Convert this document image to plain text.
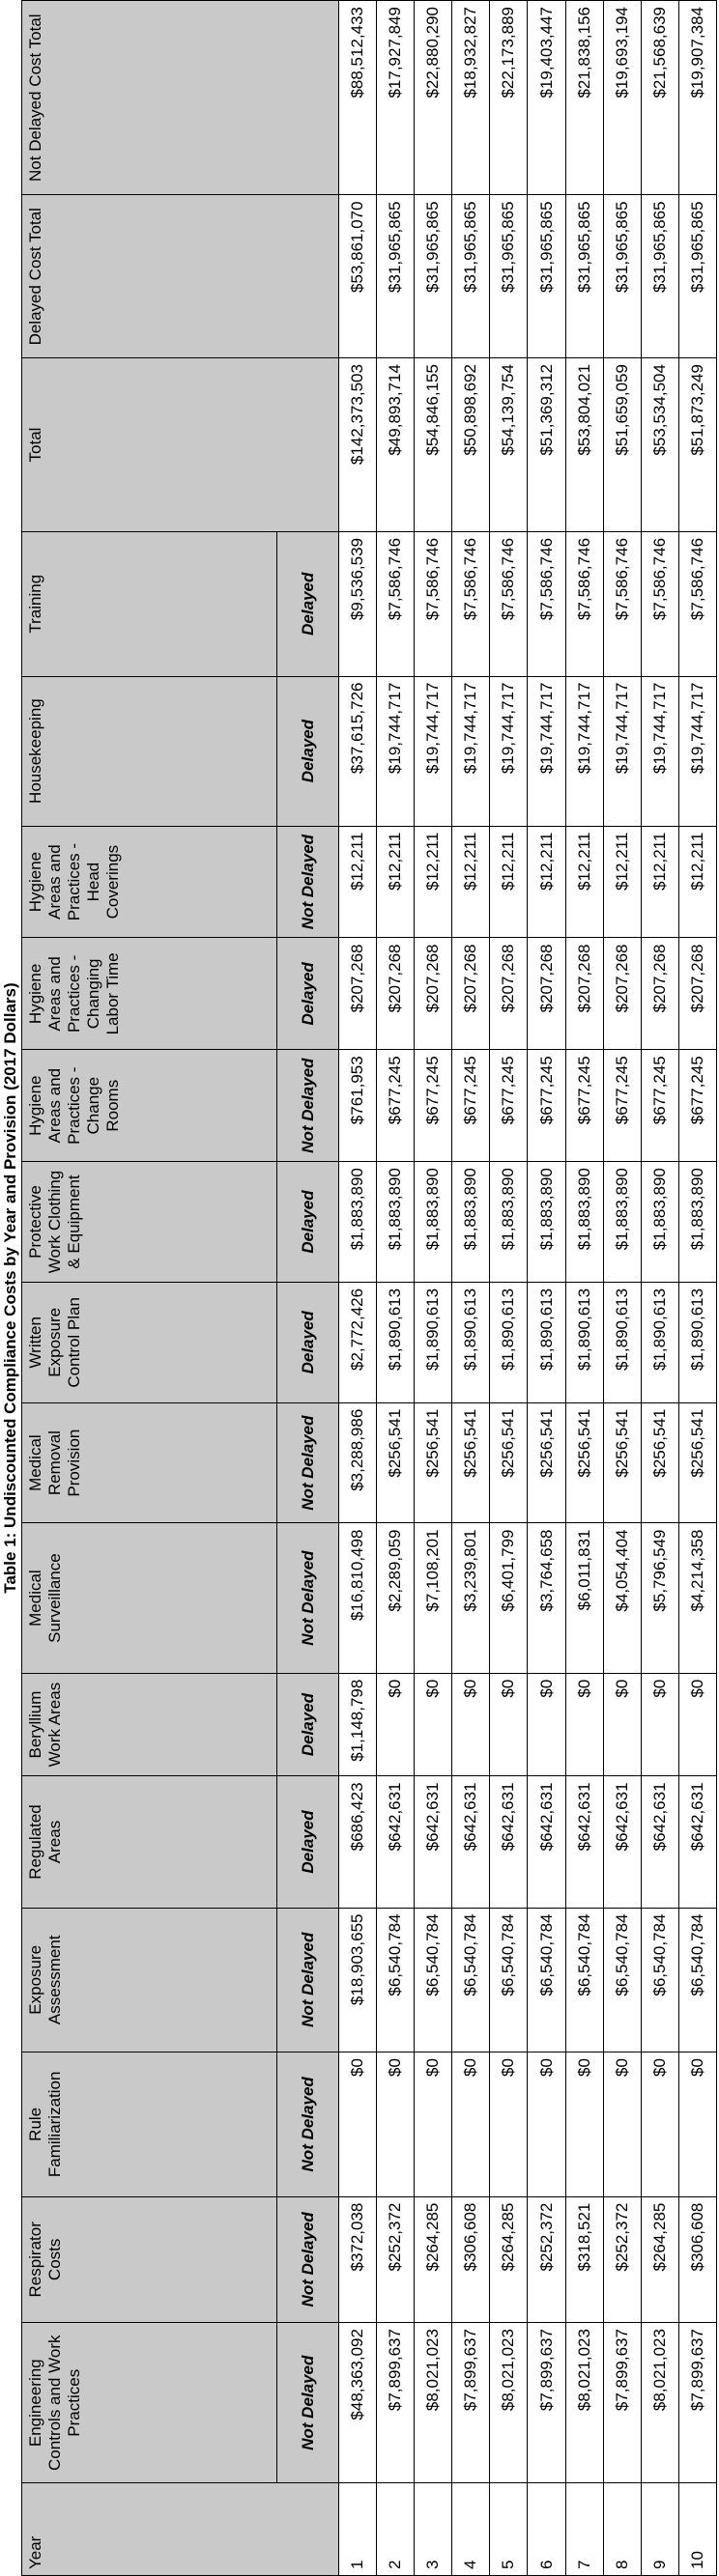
Table 1: Undiscounted Compliance Costs by Year and Provision (2017 Dollars)
Year	Engineering Controls and Work Practices	Respirator Costs	Rule Familiarization	Exposure Assessment	Regulated Areas	Beryllium Work Areas	Medical Surveillance	Medical Removal Provision	Written Exposure Control Plan	Protective Work Clothing & Equipment	Hygiene Areas and Practices - Change Rooms	Hygiene Areas and Practices - Changing Labor Time	Hygiene Areas and Practices - Head Coverings	Housekeeping	Training	Total	Delayed Cost Total	Not Delayed Cost Total
	Not Delayed	Not Delayed	Not Delayed	Not Delayed	Delayed	Delayed	Not Delayed	Not Delayed	Delayed	Delayed	Not Delayed	Delayed	Not Delayed	Delayed	Delayed			
1	$48,363,092	$372,038	$0	$18,903,655	$686,423	$1,148,798	$16,810,498	$3,288,986	$2,772,426	$1,883,890	$761,953	$207,268	$12,211	$37,615,726	$9,536,539	$142,373,503	$53,861,070	$88,512,433
2	$7,899,637	$252,372	$0	$6,540,784	$642,631	$0	$2,289,059	$256,541	$1,890,613	$1,883,890	$677,245	$207,268	$12,211	$19,744,717	$7,586,746	$49,893,714	$31,965,865	$17,927,849
3	$8,021,023	$264,285	$0	$6,540,784	$642,631	$0	$7,108,201	$256,541	$1,890,613	$1,883,890	$677,245	$207,268	$12,211	$19,744,717	$7,586,746	$54,846,155	$31,965,865	$22,880,290
4	$7,899,637	$306,608	$0	$6,540,784	$642,631	$0	$3,239,801	$256,541	$1,890,613	$1,883,890	$677,245	$207,268	$12,211	$19,744,717	$7,586,746	$50,898,692	$31,965,865	$18,932,827
5	$8,021,023	$264,285	$0	$6,540,784	$642,631	$0	$6,401,799	$256,541	$1,890,613	$1,883,890	$677,245	$207,268	$12,211	$19,744,717	$7,586,746	$54,139,754	$31,965,865	$22,173,889
6	$7,899,637	$252,372	$0	$6,540,784	$642,631	$0	$3,764,658	$256,541	$1,890,613	$1,883,890	$677,245	$207,268	$12,211	$19,744,717	$7,586,746	$51,369,312	$31,965,865	$19,403,447
7	$8,021,023	$318,521	$0	$6,540,784	$642,631	$0	$6,011,831	$256,541	$1,890,613	$1,883,890	$677,245	$207,268	$12,211	$19,744,717	$7,586,746	$53,804,021	$31,965,865	$21,838,156
8	$7,899,637	$252,372	$0	$6,540,784	$642,631	$0	$4,054,404	$256,541	$1,890,613	$1,883,890	$677,245	$207,268	$12,211	$19,744,717	$7,586,746	$51,659,059	$31,965,865	$19,693,194
9	$8,021,023	$264,285	$0	$6,540,784	$642,631	$0	$5,796,549	$256,541	$1,890,613	$1,883,890	$677,245	$207,268	$12,211	$19,744,717	$7,586,746	$53,534,504	$31,965,865	$21,568,639
10	$7,899,637	$306,608	$0	$6,540,784	$642,631	$0	$4,214,358	$256,541	$1,890,613	$1,883,890	$677,245	$207,268	$12,211	$19,744,717	$7,586,746	$51,873,249	$31,965,865	$19,907,384
